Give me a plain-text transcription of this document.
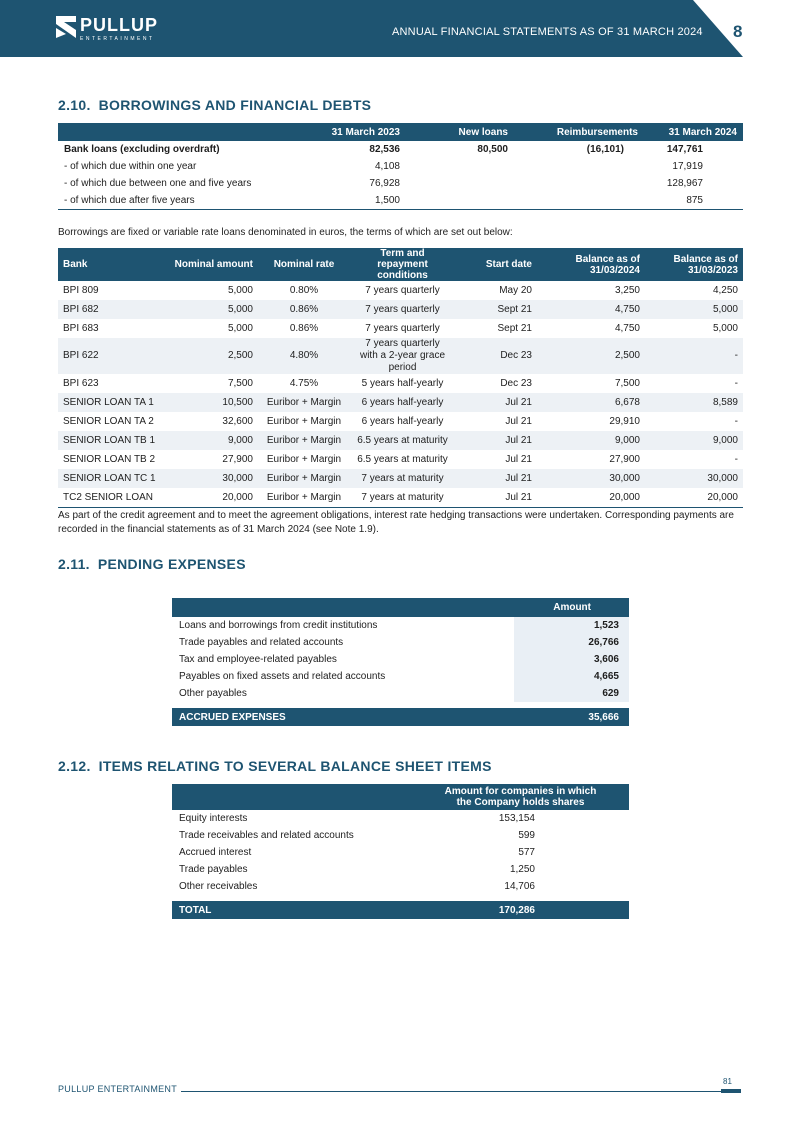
PULLUP
ENTERTAINMENT
ANNUAL FINANCIAL STATEMENTS AS OF 31 MARCH 2024 8
2.10. BORROWINGS AND FINANCIAL DEBTS
	31 March 2023	New loans	Reimbursements	31 March 2024
Bank loans (excluding overdraft)	82,536	80,500	(16,101)	147,761
- of which due within one year	4,108			17,919
- of which due between one and five years	76,928			128,967
- of which due after five years	1,500			875
Borrowings are fixed or variable rate loans denominated in euros, the terms of which are set out below:
Bank	Nominal amount	Nominal rate	Term and repayment conditions	Start date	Balance as of 31/03/2024	Balance as of 31/03/2023
BPI 809	5,000	0.80%	7 years quarterly	May 20	3,250	4,250
BPI 682	5,000	0.86%	7 years quarterly	Sept 21	4,750	5,000
BPI 683	5,000	0.86%	7 years quarterly	Sept 21	4,750	5,000
BPI 622	2,500	4.80%	7 years quarterly with a 2-year grace period	Dec 23	2,500	-
BPI 623	7,500	4.75%	5 years half-yearly	Dec 23	7,500	-
SENIOR LOAN TA 1	10,500	Euribor + Margin	6 years half-yearly	Jul 21	6,678	8,589
SENIOR LOAN TA 2	32,600	Euribor + Margin	6 years half-yearly	Jul 21	29,910	-
SENIOR LOAN TB 1	9,000	Euribor + Margin	6.5 years at maturity	Jul 21	9,000	9,000
SENIOR LOAN TB 2	27,900	Euribor + Margin	6.5 years at maturity	Jul 21	27,900	-
SENIOR LOAN TC 1	30,000	Euribor + Margin	7 years at maturity	Jul 21	30,000	30,000
TC2 SENIOR LOAN	20,000	Euribor + Margin	7 years at maturity	Jul 21	20,000	20,000
As part of the credit agreement and to meet the agreement obligations, interest rate hedging transactions were undertaken. Corresponding payments are recorded in the financial statements as of 31 March 2024 (see Note 1.9).
2.11. PENDING EXPENSES
	Amount
Loans and borrowings from credit institutions	1,523
Trade payables and related accounts	26,766
Tax and employee-related payables	3,606
Payables on fixed assets and related accounts	4,665
Other payables	629

ACCRUED EXPENSES	35,666
2.12. ITEMS RELATING TO SEVERAL BALANCE SHEET ITEMS
	Amount for companies in which
the Company holds shares
Equity interests	153,154
Trade receivables and related accounts	599
Accrued interest	577
Trade payables	1,250
Other receivables	14,706

TOTAL	170,286
PULLUP ENTERTAINMENT
81
